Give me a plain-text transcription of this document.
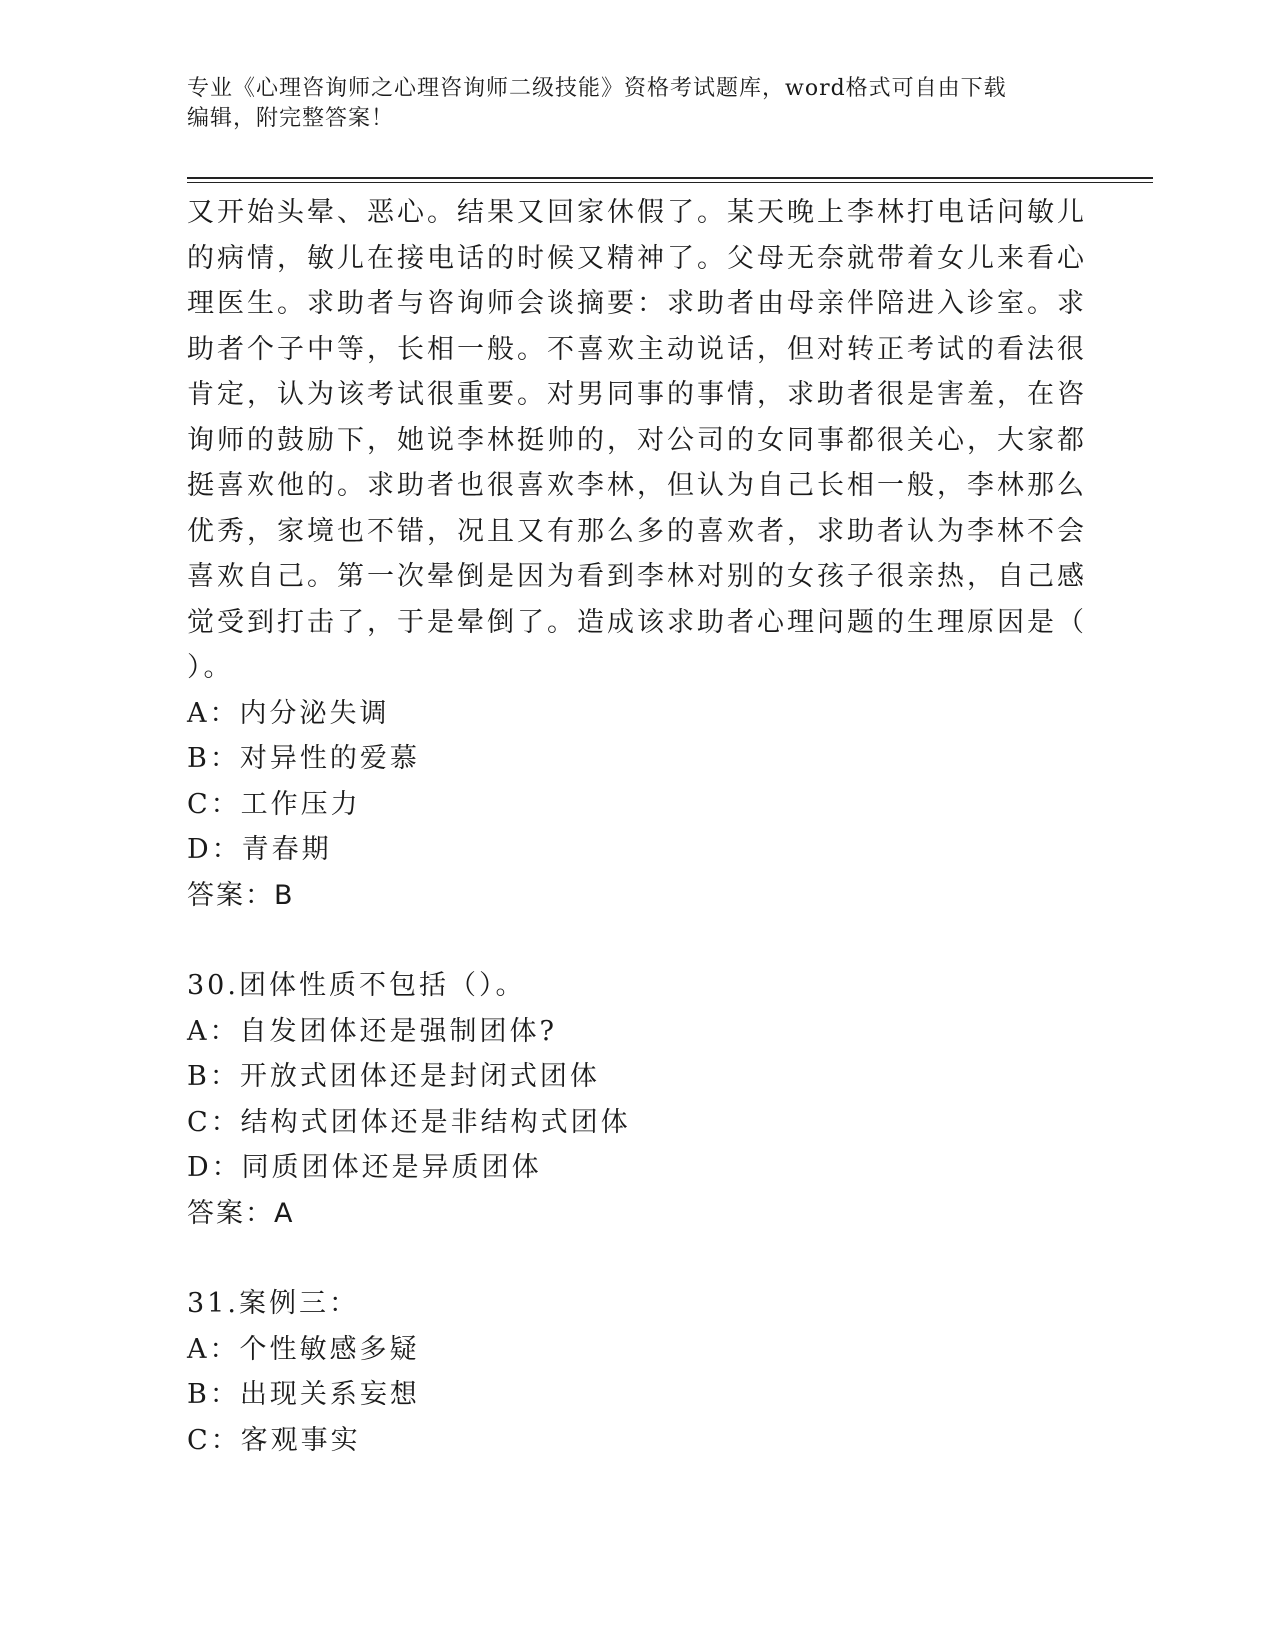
专业《心理咨询师之心理咨询师二级技能》资格考试题库，word格式可自由下载
编辑，附完整答案！
又开始头晕、恶心。结果又回家休假了。某天晚上李林打电话问敏儿
的病情，敏儿在接电话的时候又精神了。父母无奈就带着女儿来看心
理医生。求助者与咨询师会谈摘要：求助者由母亲伴陪进入诊室。求
助者个子中等，长相一般。不喜欢主动说话，但对转正考试的看法很
肯定，认为该考试很重要。对男同事的事情，求助者很是害羞，在咨
询师的鼓励下，她说李林挺帅的，对公司的女同事都很关心，大家都
挺喜欢他的。求助者也很喜欢李林，但认为自己长相一般，李林那么
优秀，家境也不错，况且又有那么多的喜欢者，求助者认为李林不会
喜欢自己。第一次晕倒是因为看到李林对别的女孩子很亲热，自己感
觉受到打击了，于是晕倒了。造成该求助者心理问题的生理原因是（
）。
A：内分泌失调
B：对异性的爱慕
C：工作压力
D：青春期
答案：B
30.团体性质不包括（）。
A：自发团体还是强制团体?
B：开放式团体还是封闭式团体
C：结构式团体还是非结构式团体
D：同质团体还是异质团体
答案：A
31.案例三：
A：个性敏感多疑
B：出现关系妄想
C：客观事实
